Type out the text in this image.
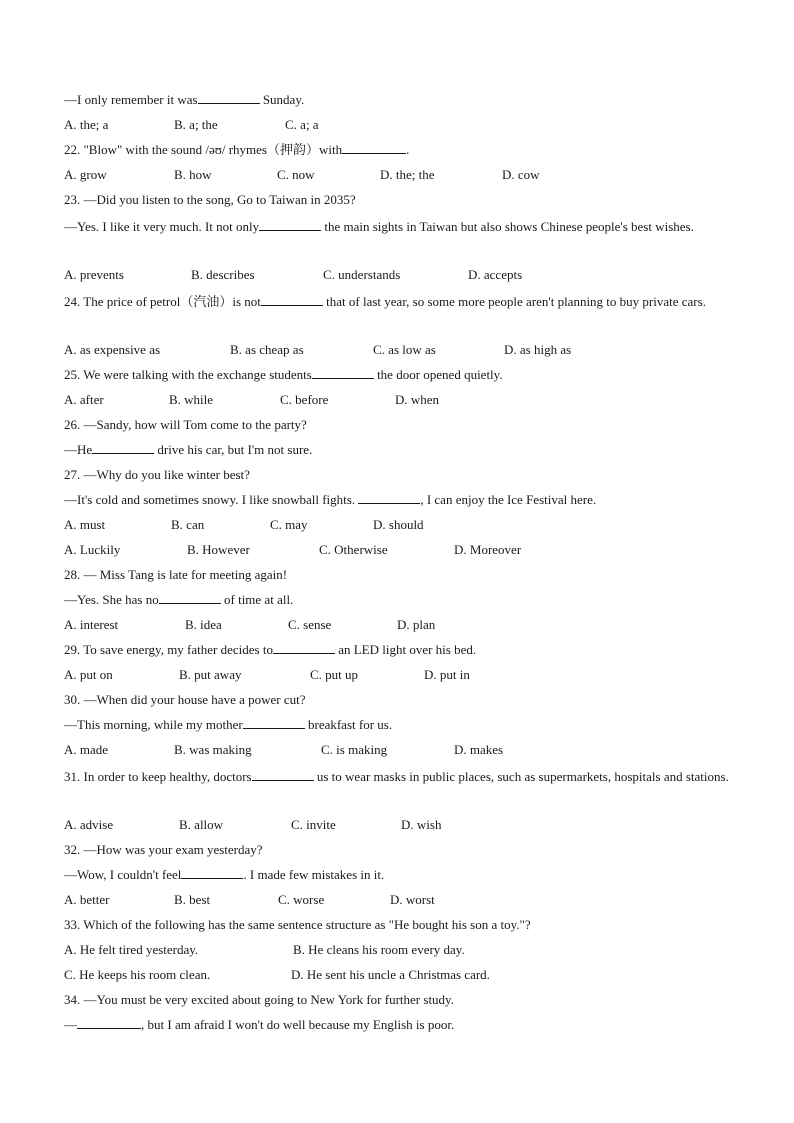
—I only remember it was	Sunday.
A. the; a	B. a; the	C. a; a
22. "Blow" with the sound /əʊ/ rhymes（押韵）with	.
A. grow	B. how	C. now	D. the; the	D. cow
23. —Did you listen to the song, Go to Taiwan in 2035?
—Yes. I like it very much. It not only	the main sights in Taiwan but also shows Chinese people's best wishes.
A. prevents	B. describes	C. understands	D. accepts
24. The price of petrol（汽油）is not	that of last year, so some more people aren't planning to buy private cars.
A. as expensive as	B. as cheap as	C. as low as	D. as high as
25. We were talking with the exchange students	the door opened quietly.
A. after	B. while	C. before	D. when
26. —Sandy, how will Tom come to the party?
—He	drive his car, but I'm not sure.
27. —Why do you like winter best?
—It's cold and sometimes snowy. I like snowball fights.	, I can enjoy the Ice Festival here.
A. must	B. can	C. may	D. should
A. Luckily	B. However	C. Otherwise	D. Moreover
28. — Miss Tang is late for meeting again!
—Yes. She has no	of time at all.
A. interest	B. idea	C. sense	D. plan
29. To save energy, my father decides to	an LED light over his bed.
A. put on	B. put away	C. put up	D. put in
30. —When did your house have a power cut?
—This morning, while my mother	breakfast for us.
A. made	B. was making	C. is making	D. makes
31. In order to keep healthy, doctors	us to wear masks in public places, such as supermarkets, hospitals and stations.
A. advise	B. allow	C. invite	D. wish
32. —How was your exam yesterday?
—Wow, I couldn't feel	. I made few mistakes in it.
A. better	B. best	C. worse	D. worst
33. Which of the following has the same sentence structure as "He bought his son a toy."?
A. He felt tired yesterday.	B. He cleans his room every day.
C. He keeps his room clean.	D. He sent his uncle a Christmas card.
34. —You must be very excited about going to New York for further study.
—	, but I am afraid I won't do well because my English is poor.
